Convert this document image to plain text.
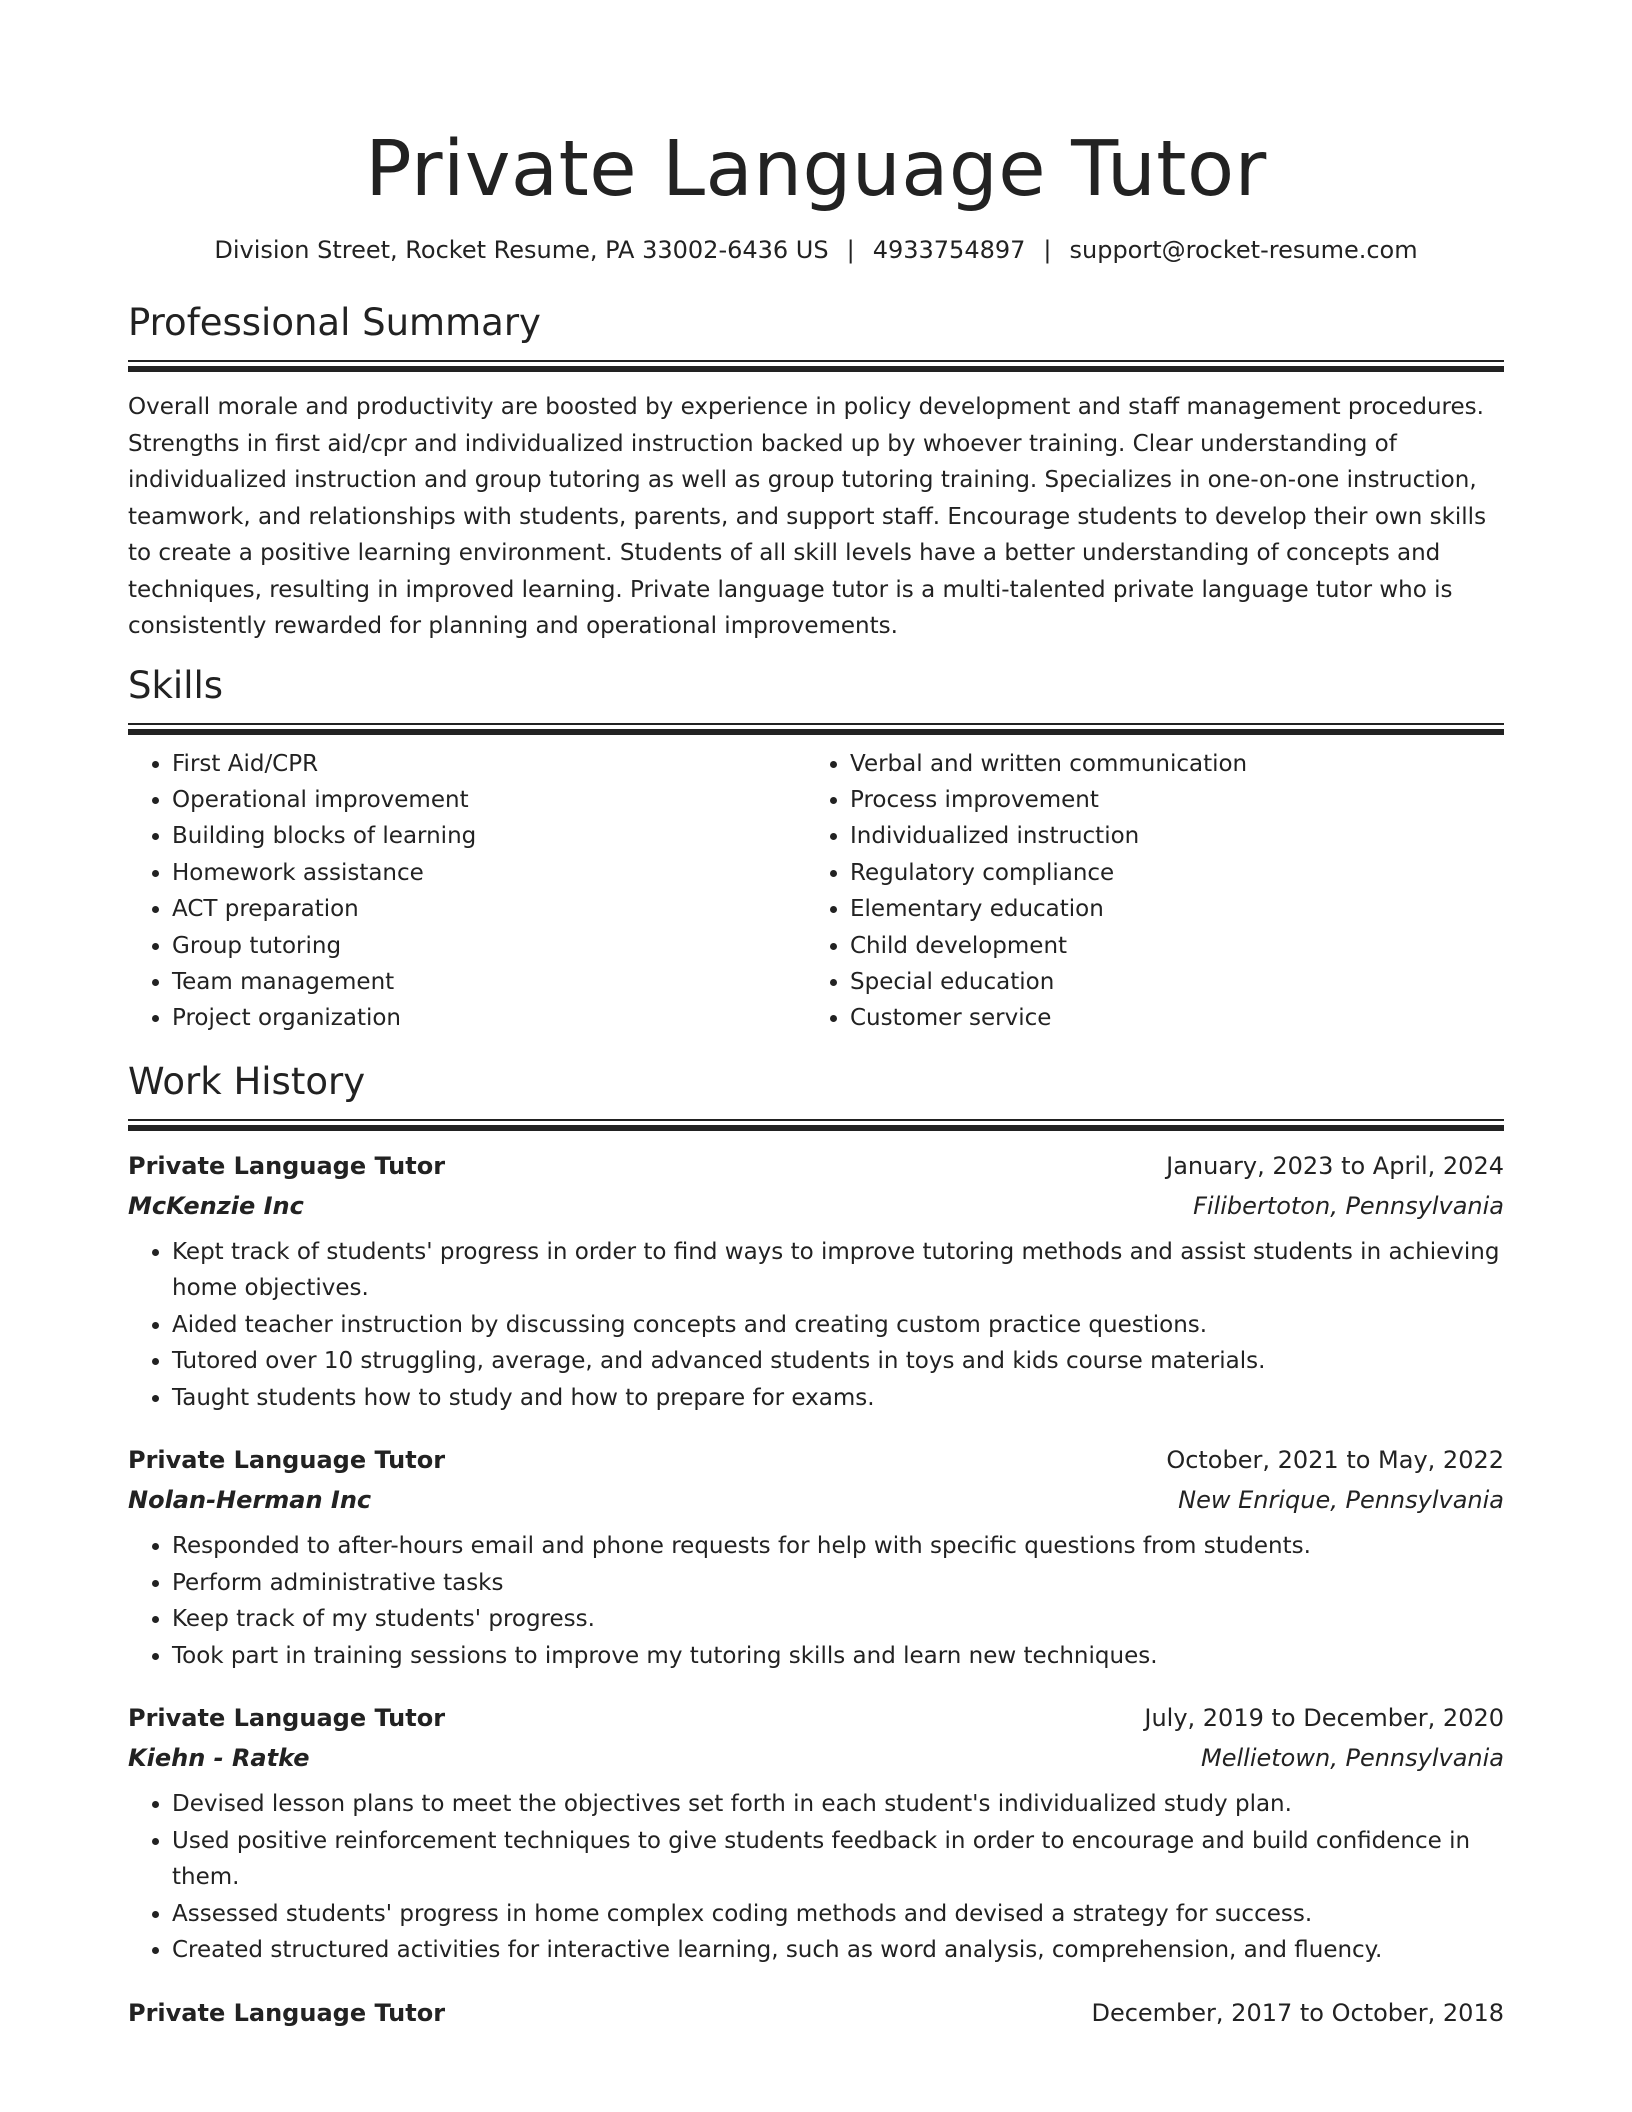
Private Language Tutor
Division Street, Rocket Resume, PA 33002-6436 US | 4933754897 | support@rocket-resume.com
Professional Summary

Overall morale and productivity are boosted by experience in policy development and staff management procedures. Strengths in first aid/cpr and individualized instruction backed up by whoever training. Clear understanding of individualized instruction and group tutoring as well as group tutoring training. Specializes in one-on-one instruction, teamwork, and relationships with students, parents, and support staff. Encourage students to develop their own skills to create a positive learning environment. Students of all skill levels have a better understanding of concepts and techniques, resulting in improved learning. Private language tutor is a multi-talented private language tutor who is consistently rewarded for planning and operational improvements.

Skills
• First Aid/CPR
• Operational improvement
• Building blocks of learning
• Homework assistance
• ACT preparation
• Group tutoring
• Team management
• Project organization
• Verbal and written communication
• Process improvement
• Individualized instruction
• Regulatory compliance
• Elementary education
• Child development
• Special education
• Customer service
Work History
Private Language Tutor	January, 2023 to April, 2024
McKenzie Inc	Filibertoton, Pennsylvania
• Kept track of students' progress in order to find ways to improve tutoring methods and assist students in achieving home objectives.
• Aided teacher instruction by discussing concepts and creating custom practice questions.
• Tutored over 10 struggling, average, and advanced students in toys and kids course materials.
• Taught students how to study and how to prepare for exams.
Private Language Tutor	October, 2021 to May, 2022
Nolan-Herman Inc	New Enrique, Pennsylvania
• Responded to after-hours email and phone requests for help with specific questions from students.
• Perform administrative tasks
• Keep track of my students' progress.
• Took part in training sessions to improve my tutoring skills and learn new techniques.
Private Language Tutor	July, 2019 to December, 2020
Kiehn - Ratke	Mellietown, Pennsylvania
• Devised lesson plans to meet the objectives set forth in each student's individualized study plan.
• Used positive reinforcement techniques to give students feedback in order to encourage and build confidence in them.
• Assessed students' progress in home complex coding methods and devised a strategy for success.
• Created structured activities for interactive learning, such as word analysis, comprehension, and fluency.
Private Language Tutor	December, 2017 to October, 2018
